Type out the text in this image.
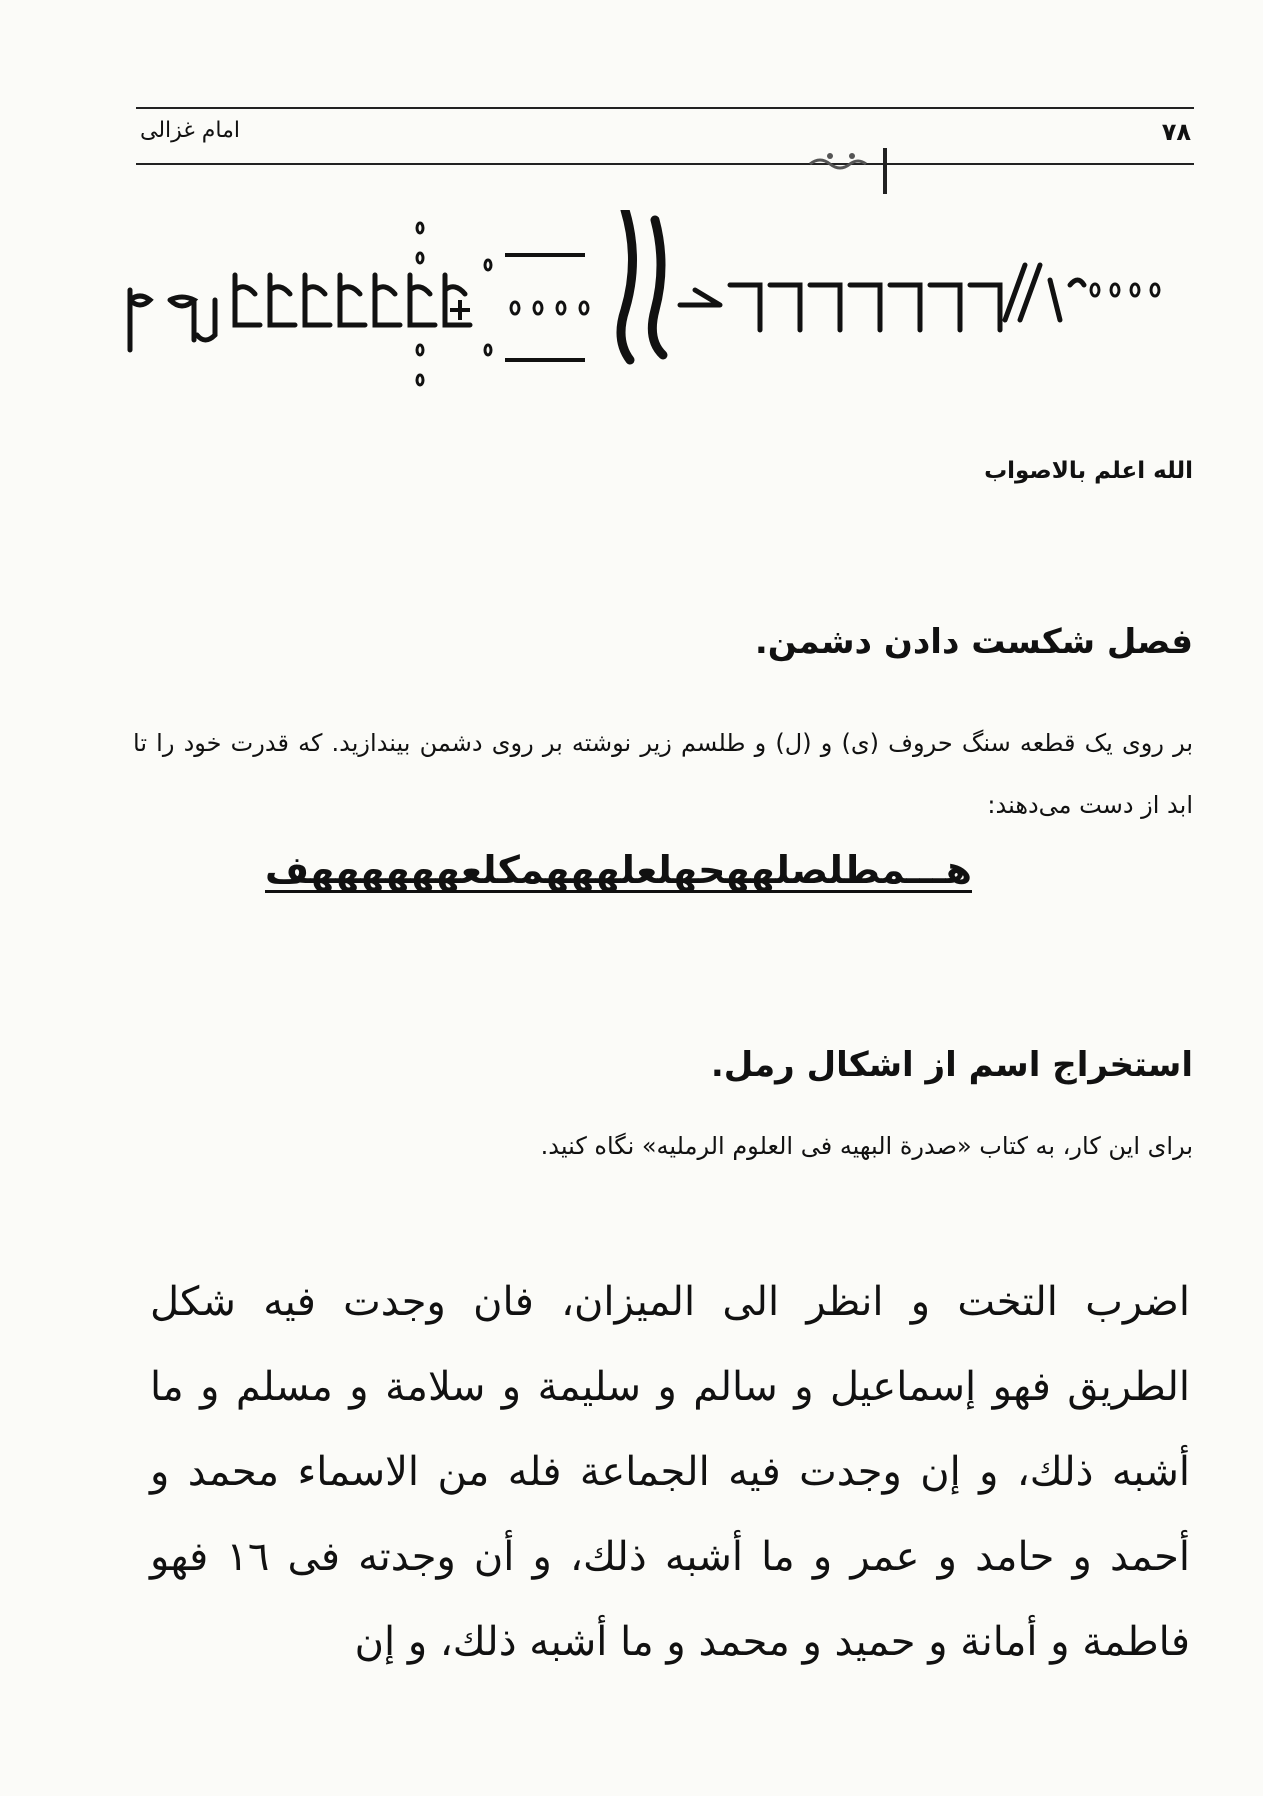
۷۸
امام غزالی
الله اعلم بالاصواب
فصل شکست دادن دشمن.
بر روی یک قطعه سنگ حروف (ی) و (ل) و طلسم زیر نوشته بر روی دشمن بیندازید. که قدرت خود را تا ابد از دست می‌دهند:
هـــمطلصلههحهلعلهههمکلعههههههف
استخراج اسم از اشکال رمل.
برای این کار، به کتاب «صدرة البهیه فی العلوم الرملیه» نگاه کنید.
اضرب التخت و انظر الى الميزان، فان وجدت فيه شكل الطريق فهو إسماعيل و سالم و سليمة و سلامة و مسلم و ما أشبه ذلك، و إن وجدت فيه الجماعة فله من الاسماء محمد و أحمد و حامد و عمر و ما أشبه ذلك، و أن وجدته فى ١٦ فهو فاطمة و أمانة و حميد و محمد و ما أشبه ذلك، و إن
